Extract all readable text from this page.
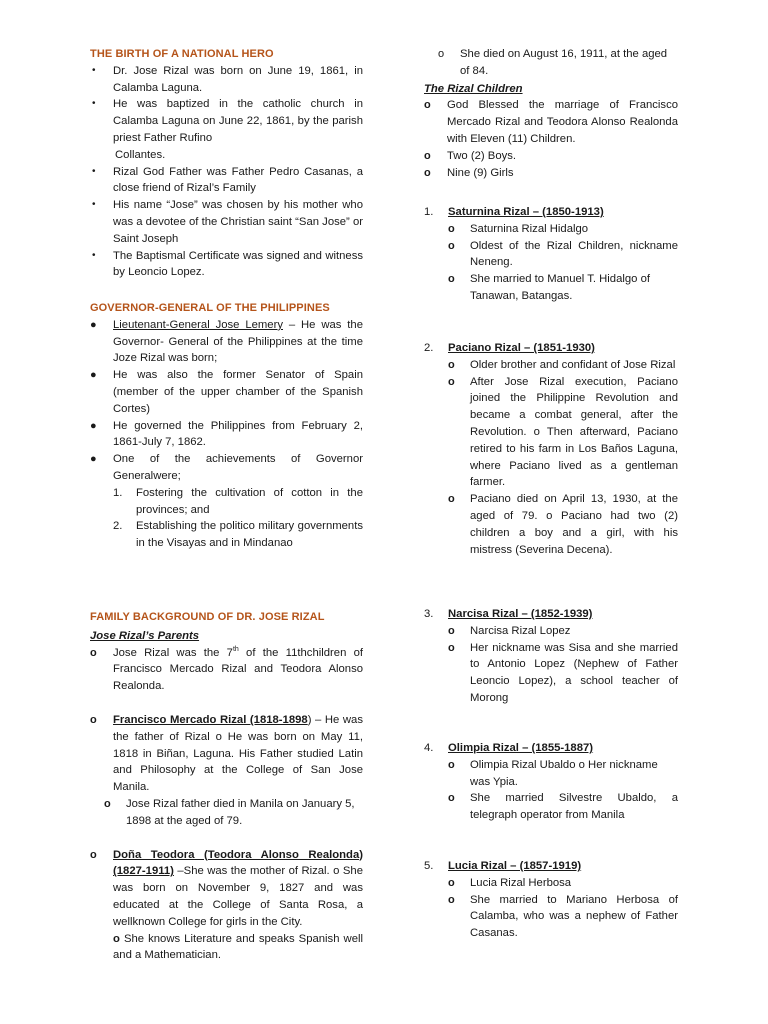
THE BIRTH OF A NATIONAL HERO
• Dr. Jose Rizal was born on June 19, 1861, in Calamba Laguna.
• He was baptized in the catholic church in Calamba Laguna on June 22, 1861, by the parish priest Father Rufino
Collantes.
• Rizal God Father was Father Pedro Casanas, a close friend of Rizal’s Family
• His name “Jose” was chosen by his mother who was a devotee of the Christian saint “San Jose” or Saint Joseph
• The Baptismal Certificate was signed and witness by Leoncio Lopez.
GOVERNOR-GENERAL OF THE PHILIPPINES
● Lieutenant-General Jose Lemery – He was the Governor- General of the Philippines at the time Joze Rizal was born;
● He was also the former Senator of Spain (member of the upper chamber of the Spanish Cortes)
● He governed the Philippines from February 2, 1861-July 7, 1862.
● One of the achievements of Governor Generalwere;
1. Fostering the cultivation of cotton in the provinces; and
2. Establishing the politico military governments in the Visayas and in Mindanao
FAMILY BACKGROUND OF DR. JOSE RIZAL
Jose Rizal’s Parents
o Jose Rizal was the 7th of the 11thchildren of Francisco Mercado Rizal and Teodora Alonso Realonda.
o Francisco Mercado Rizal (1818-1898) – He was the father of Rizal o He was born on May 11, 1818 in Biñan, Laguna. His Father studied Latin and Philosophy at the College of San Jose Manila.
o Jose Rizal father died in Manila on January 5, 1898 at the aged of 79.
o Doña Teodora (Teodora Alonso Realonda) (1827-1911) –She was the mother of Rizal. o She was born on November 9, 1827 and was educated at the College of Santa Rosa, a wellknown College for girls in the City.
o She knows Literature and speaks Spanish well and a Mathematician.
o She died on August 16, 1911, at the aged of 84.
The Rizal Children
o God Blessed the marriage of Francisco Mercado Rizal and Teodora Alonso Realonda with Eleven (11) Children.
o Two (2) Boys.
o Nine (9) Girls
1. Saturnina Rizal – (1850-1913)
o Saturnina Rizal Hidalgo
o Oldest of the Rizal Children, nickname Neneng.
o She married to Manuel T. Hidalgo of Tanawan, Batangas.
2. Paciano Rizal – (1851-1930)
o Older brother and confidant of Jose Rizal
o After Jose Rizal execution, Paciano joined the Philippine Revolution and became a combat general, after the Revolution. o Then afterward, Paciano retired to his farm in Los Baños Laguna, where Paciano lived as a gentleman farmer.
o Paciano died on April 13, 1930, at the aged of 79. o Paciano had two (2) children a boy and a girl, with his mistress (Severina Decena).
3. Narcisa Rizal – (1852-1939)
o Narcisa Rizal Lopez
o Her nickname was Sisa and she married to Antonio Lopez (Nephew of Father Leoncio Lopez), a school teacher of Morong
4. Olimpia Rizal – (1855-1887)
o Olimpia Rizal Ubaldo o Her nickname was Ypia.
o She married Silvestre Ubaldo, a telegraph operator from Manila
5. Lucia Rizal – (1857-1919)
o Lucia Rizal Herbosa
o She married to Mariano Herbosa of Calamba, who was a nephew of Father Casanas.
